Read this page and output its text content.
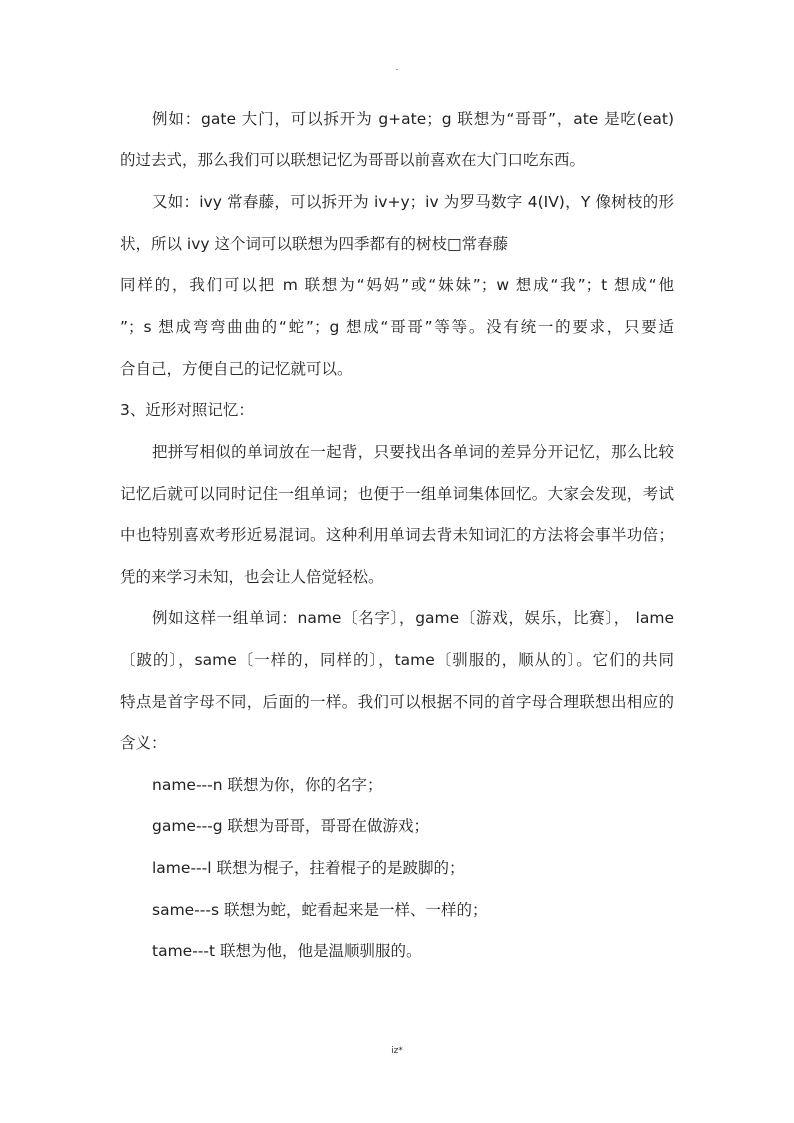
.
例如：gate 大门，可以拆开为 g+ate；g 联想为“哥哥”，ate 是吃(eat)
的过去式，那么我们可以联想记忆为哥哥以前喜欢在大门口吃东西。
又如：ivy 常春藤，可以拆开为 iv+y；iv 为罗马数字 4(IV)，Y 像树枝的形
状，所以 ivy 这个词可以联想为四季都有的树枝□常春藤
同样的，我们可以把 m 联想为“妈妈”或“妹妹”；w 想成“我”；t 想成“他
”；s 想成弯弯曲曲的“蛇”；g 想成“哥哥”等等。没有统一的要求，只要适
合自己，方便自己的记忆就可以。
3、近形对照记忆：
把拼写相似的单词放在一起背，只要找出各单词的差异分开记忆，那么比较
记忆后就可以同时记住一组单词；也便于一组单词集体回忆。大家会发现，考试
中也特别喜欢考形近易混词。这种利用单词去背未知词汇的方法将会事半功倍；
凭的来学习未知，也会让人倍觉轻松。
例如这样一组单词：name〔名字〕，game〔游戏，娱乐，比赛〕， lame
〔跛的〕，same〔一样的，同样的〕，tame〔驯服的，顺从的〕。它们的共同
特点是首字母不同，后面的一样。我们可以根据不同的首字母合理联想出相应的
含义：
name---n 联想为你，你的名字；
game---g 联想为哥哥，哥哥在做游戏；
lame---l 联想为棍子，拄着棍子的是跛脚的；
same---s 联想为蛇，蛇看起来是一样、一样的；
tame---t 联想为他，他是温顺驯服的。
iz*
